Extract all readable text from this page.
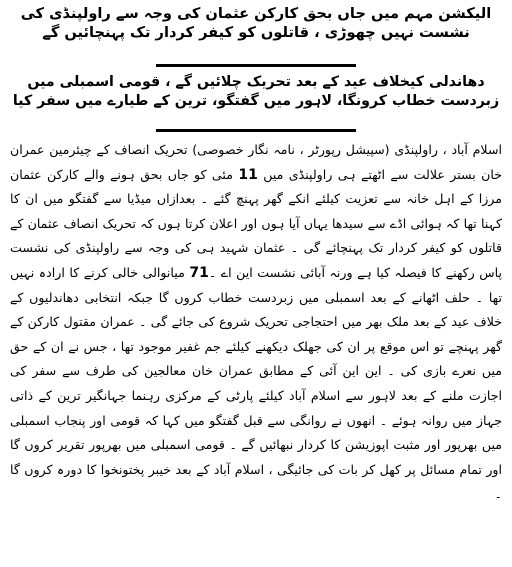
الیکشن مہم میں جاں بحق کارکن عثمان کی وجہ سے راولپنڈی کی نشست نہیں چھوڑی ، قاتلوں کو کیفر کردار تک پہنچائیں گے
دھاندلی کیخلاف عید کے بعد تحریک چلائیں گے ، قومی اسمبلی میں زبردست خطاب کرونگا، لاہور میں گفتگو، ترین کے طیارے میں سفر کیا

اسلام آباد ، راولپنڈی (سپیشل رپورٹر ، نامہ نگار خصوصی) تحریک انصاف کے چیئرمین عمران خان بستر علالت سے اٹھتے ہی راولپنڈی میں 11 مئی کو جاں بحق ہونے والے کارکن عثمان مرزا کے اہل خانہ سے تعزیت کیلئے انکے گھر پہنچ گئے ۔ بعدازاں میڈیا سے گفتگو میں ان کا کہنا تھا کہ ہوائی اڈے سے سیدھا یہاں آیا ہوں اور اعلان کرتا ہوں کہ تحریک انصاف عثمان کے قاتلوں کو کیفر کردار تک پہنچائے گی ۔ عثمان شہید ہی کی وجہ سے راولپنڈی کی نشست پاس رکھنے کا فیصلہ کیا ہے ورنہ آبائی نشست این اے ۔71 میانوالی خالی کرنے کا ارادہ نہیں تھا ۔ حلف اٹھانے کے بعد اسمبلی میں زبردست خطاب کروں گا جبکہ انتخابی دھاندلیوں کے خلاف عید کے بعد ملک بھر میں احتجاجی تحریک شروع کی جائے گی ۔ عمران مقتول کارکن کے گھر پہنچے تو اس موقع پر ان کی جھلک دیکھنے کیلئے جم غفیر موجود تھا ، جس نے ان کے حق میں نعرے بازی کی ۔ این این آئی کے مطابق عمران خان معالجین کی طرف سے سفر کی اجازت ملنے کے بعد لاہور سے اسلام آباد کیلئے پارٹی کے مرکزی رہنما جہانگیر ترین کے ذاتی جہاز میں روانہ ہوئے ۔ انھوں نے روانگی سے قبل گفتگو میں کہا کہ قومی اور پنجاب اسمبلی میں بھرپور اور مثبت اپوزیشن کا کردار نبھائیں گے ۔ قومی اسمبلی میں بھرپور تقریر کروں گا اور تمام مسائل پر کھل کر بات کی جائیگی ، اسلام آباد کے بعد خیبر پختونخوا کا دورہ کروں گا ۔
